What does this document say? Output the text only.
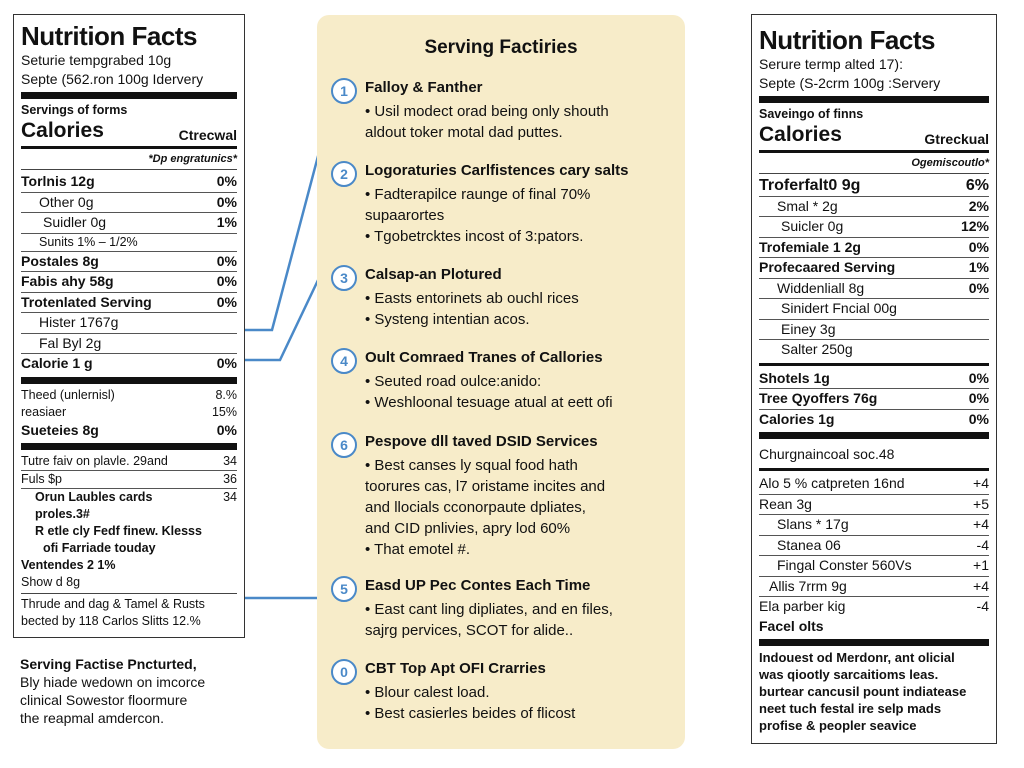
Nutrition Facts
Seturie tempgrabed 10g
Septe (562.ron 100g Idervery
Servings of forms
Calories	Ctrecwal
*Dp engratunics*
Torlnis 12g	0%
Other 0g	0%
Suidler 0g	1%
Sunits 1% – 1/2%
Postales 8g	0%
Fabis ahy 58g	0%
Trotenlated Serving	0%
Hister 1767g
Fal Byl 2g
Calorie 1 g	0%
Theed (unlernisl)	8.%
reasiaer	15%
Sueteies 8g	0%
Tutre faiv on plavle. 29and	34
Fuls $p	36
Orun Laubles cards	34
proles.3#
R etle cly Fedf finew. Klesss
ofi Farriade touday
Ventendes 2 1%
Show d 8g
Thrude and dag & Tamel & Rusts
bected by 118 Carlos Slitts 12.%
Serving Factise Pncturted,
Bly hiade wedown on imcorce
clinical Sowestor floormure
the reapmal amdercon.
Serving Factiries
1	Falloy & Fanther
• Usil modect orad being only shouth
aldout toker motal dad puttes.
2	Logoraturies Carlfistences cary salts
• Fadterapilce raunge of final 70%
supaarortes
• Tgobetrcktes incost of 3:pators.
3	Calsap-an Plotured
• Easts entorinets ab ouchl rices
• Systeng intentian acos.
4	Oult Comraed Tranes of Callories
• Seuted road oulce:anido:
• Weshloonal tesuage atual at eett ofi
6	Pespove dll taved DSID Services
• Best canses ly squal food hath
toorures cas, l7 oristame incites and
and llocials cconorpaute dpliates,
and CID pnlivies, apry lod 60%
• That emotel #.
5	Easd UP Pec Contes Each Time
• East cant ling dipliates, and en files,
sajrg pervices, SCOT for alide..
0	CBT Top Apt OFI Crarries
• Blour calest load.
• Best casierles beides of flicost
Nutrition Facts
Serure termp alted 17):
Septe (S-2crm 100g :Servery
Saveingo of finns
Calories	Gtreckual
Ogemiscoutlo*
Troferfalt0 9g	6%
Smal * 2g	2%
Suicler 0g	12%
Trofemiale 1 2g	0%
Profecaared Serving	1%
Widdenliall 8g	0%
Sinidert Fncial 00g
Einey 3g
Salter 250g
Shotels 1g	0%
Tree Qyoffers 76g	0%
Calories 1g	0%
Churgnaincoal soc.48
Alo 5 % catpreten 16nd	+4
Rean 3g	+5
Slans * 17g	+4
Stanea 06	-4
Fingal Conster 560Vs	+1
Allis 7rrm 9g	+4
Ela parber kig	-4
Facel olts
Indouest od Merdonr, ant olicial
was qiootly sarcaitioms leas.
burtear cancusil pount indiatease
neet tuch festal ire selp mads
profise & peopler seavice
